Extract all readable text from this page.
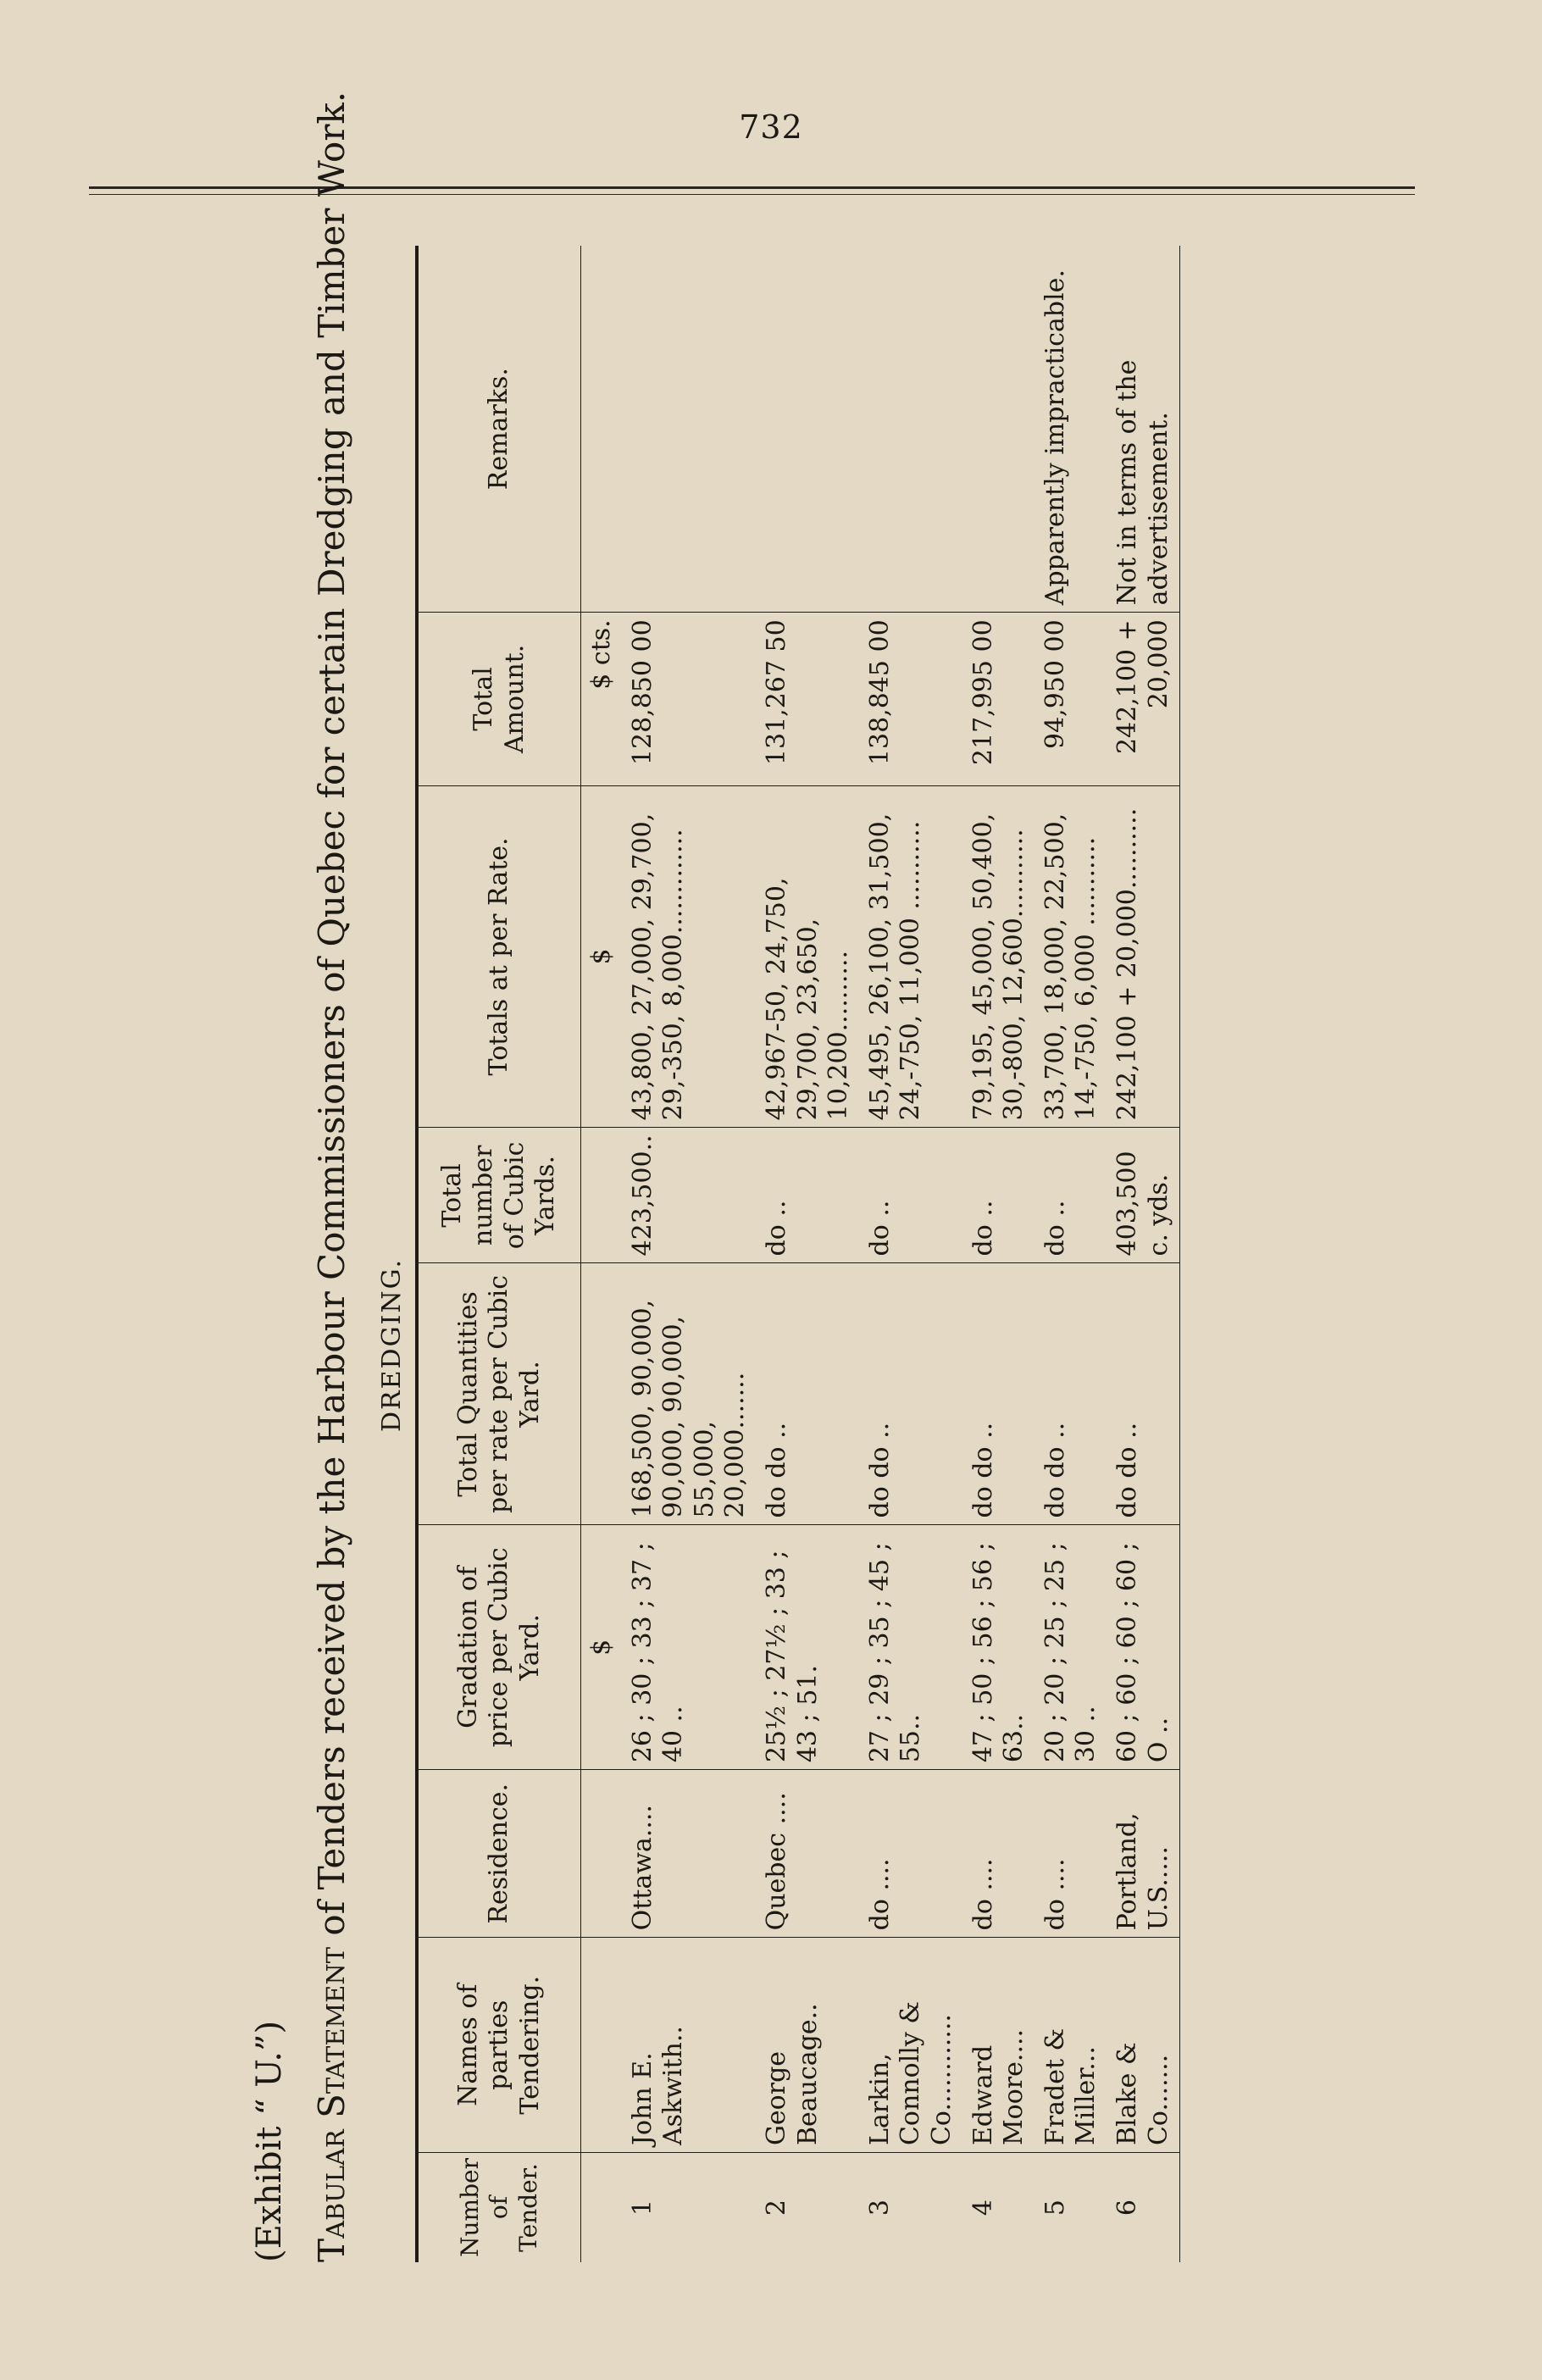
732
(Exhibit “ U.”) Tabular Statement of Tenders received by the Harbour Commissioners of Quebec for certain Dredging and Timber Work. DREDGING.
Number of Tender.	Names of parties Tendering.	Residence.	Gradation of price per Cubic Yard.	Total Quantities per rate per Cubic Yard.	Total number of Cubic Yards.	Totals at per Rate.	Total Amount.	Remarks.
			$			$	$ cts.	
1	John E. Askwith..	Ottawa....	26 ; 30 ; 33 ; 37 ; 40 ..	168,500, 90,000, 90,000, 90,000, 55,000, 20,000.......	423,500..	43,800, 27,000, 29,700, 29,-350, 8,000.............	128,850 00	
2	George Beaucage..	Quebec ....	25½ ; 27½ ; 33 ; 43 ; 51.	do do ..	do ..	42,967-50, 24,750, 29,700, 23,650, 10,200..........	131,267 50	
3	Larkin, Connolly & Co............	do ....	27 ; 29 ; 35 ; 45 ; 55..	do do ..	do ..	45,495, 26,100, 31,500, 24,-750, 11,000 ...........	138,845 00	
4	Edward Moore....	do ....	47 ; 50 ; 56 ; 56 ; 63..	do do ..	do ..	79,195, 45,000, 50,400, 30,-800, 12,600...........	217,995 00	
5	Fradet & Miller...	do ....	20 ; 20 ; 25 ; 25 ; 30 ..	do do ..	do ..	33,700, 18,000, 22,500, 14,-750, 6,000 ...........	94,950 00	Apparently impracticable.
6	Blake & Co.......	Portland, U.S.....	60 ; 60 ; 60 ; 60 ; O ..	do do ..	403,500 c. yds.	242,100 + 20,000..........	242,100 + 20,000	Not in terms of the advertisement.
